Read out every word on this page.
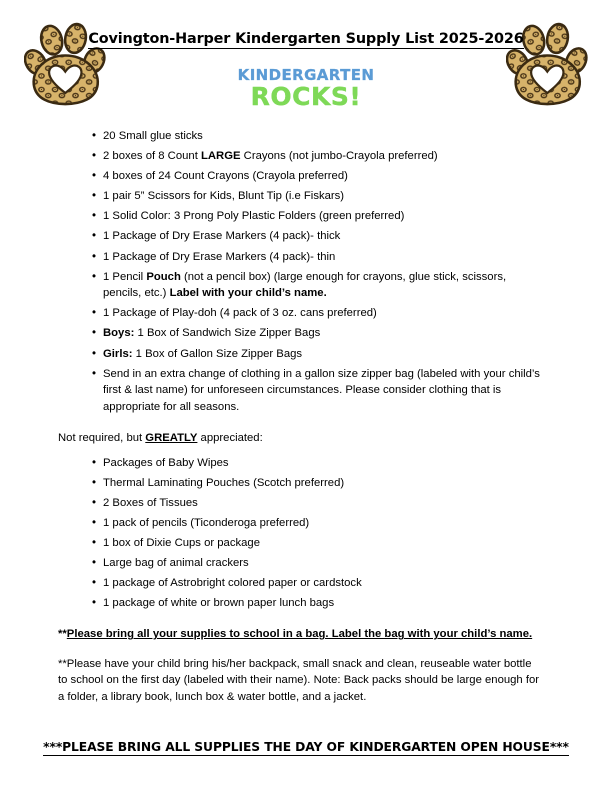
Covington-Harper Kindergarten Supply List 2025-2026
KINDERGARTEN
ROCKS!
• 20 Small glue sticks
• 2 boxes of 8 Count LARGE Crayons (not jumbo-Crayola preferred)
• 4 boxes of 24 Count Crayons (Crayola preferred)
• 1 pair 5” Scissors for Kids, Blunt Tip (i.e Fiskars)
• 1 Solid Color: 3 Prong Poly Plastic Folders (green preferred)
• 1 Package of Dry Erase Markers (4 pack)- thick
• 1 Package of Dry Erase Markers (4 pack)- thin
• 1 Pencil Pouch (not a pencil box) (large enough for crayons, glue stick, scissors, pencils, etc.) Label with your child’s name.
• 1 Package of Play-doh (4 pack of 3 oz. cans preferred)
• Boys: 1 Box of Sandwich Size Zipper Bags
• Girls: 1 Box of Gallon Size Zipper Bags
• Send in an extra change of clothing in a gallon size zipper bag (labeled with your child’s first & last name) for unforeseen circumstances. Please consider clothing that is appropriate for all seasons.
Not required, but GREATLY appreciated:
• Packages of Baby Wipes
• Thermal Laminating Pouches (Scotch preferred)
• 2 Boxes of Tissues
• 1 pack of pencils (Ticonderoga preferred)
• 1 box of Dixie Cups or package
• Large bag of animal crackers
• 1 package of Astrobright colored paper or cardstock
• 1 package of white or brown paper lunch bags
**Please bring all your supplies to school in a bag. Label the bag with your child’s name.
**Please have your child bring his/her backpack, small snack and clean, reuseable water bottle to school on the first day (labeled with their name). Note: Back packs should be large enough for a folder, a library book, lunch box & water bottle, and a jacket.
***PLEASE BRING ALL SUPPLIES THE DAY OF KINDERGARTEN OPEN HOUSE***
